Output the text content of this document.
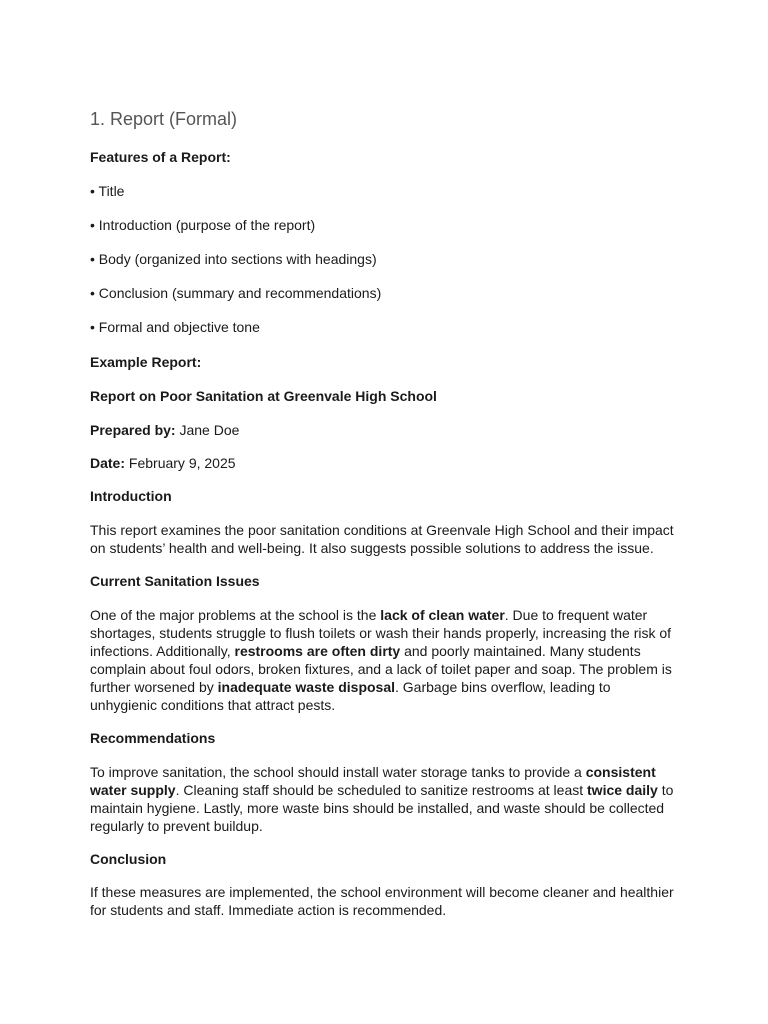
1. Report (Formal)
Features of a Report:
• Title
• Introduction (purpose of the report)
• Body (organized into sections with headings)
• Conclusion (summary and recommendations)
• Formal and objective tone
Example Report:
Report on Poor Sanitation at Greenvale High School
Prepared by: Jane Doe
Date: February 9, 2025
Introduction
This report examines the poor sanitation conditions at Greenvale High School and their impact on students’ health and well-being. It also suggests possible solutions to address the issue.
Current Sanitation Issues
One of the major problems at the school is the lack of clean water. Due to frequent water shortages, students struggle to flush toilets or wash their hands properly, increasing the risk of infections. Additionally, restrooms are often dirty and poorly maintained. Many students complain about foul odors, broken fixtures, and a lack of toilet paper and soap. The problem is further worsened by inadequate waste disposal. Garbage bins overflow, leading to unhygienic conditions that attract pests.
Recommendations
To improve sanitation, the school should install water storage tanks to provide a consistent water supply. Cleaning staff should be scheduled to sanitize restrooms at least twice daily to maintain hygiene. Lastly, more waste bins should be installed, and waste should be collected regularly to prevent buildup.
Conclusion
If these measures are implemented, the school environment will become cleaner and healthier for students and staff. Immediate action is recommended.
